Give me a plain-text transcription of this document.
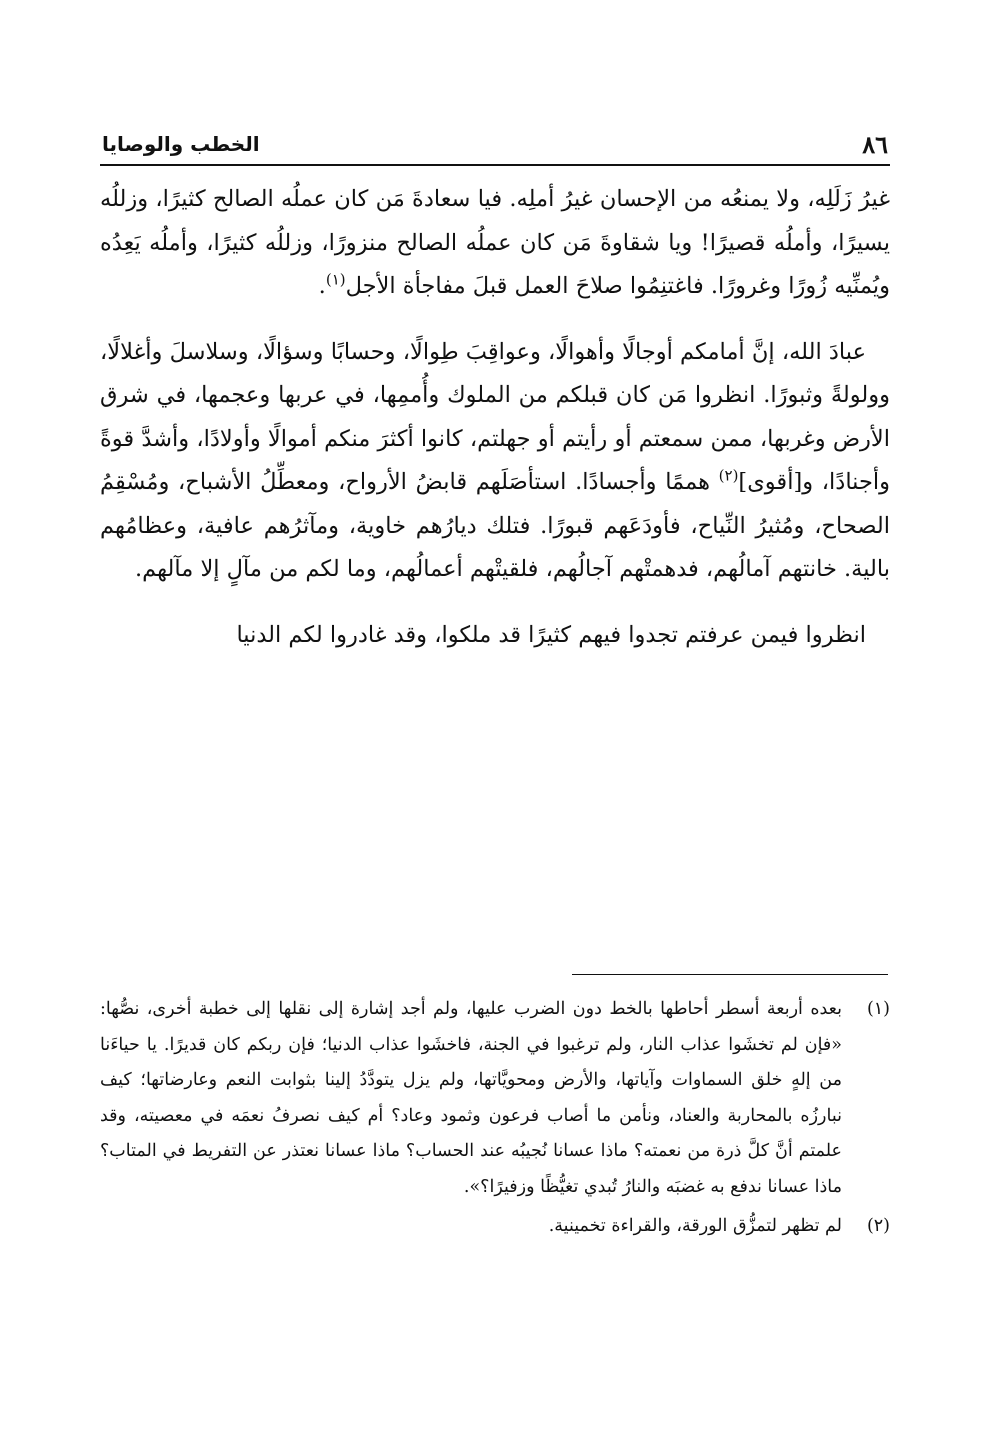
٨٦
الخطب والوصايا

غيرُ زَلَلِه، ولا يمنعُه من الإحسان غيرُ أملِه. فيا سعادةَ مَن كان عملُه الصالح كثيرًا، وزللُه يسيرًا، وأملُه قصيرًا! ويا شقاوةَ مَن كان عملُه الصالح منزورًا، وزللُه كثيرًا، وأملُه يَعِدُه ويُمنِّيه زُورًا وغرورًا. فاغتنِمُوا صلاحَ العمل قبلَ مفاجأة الأجل$^{(١)}$.

عبادَ الله، إنَّ أمامكم أوجالًا وأهوالًا، وعواقِبَ طِوالًا، وحسابًا وسؤالًا، وسلاسلَ وأغلالًا، وولولةً وثبورًا. انظروا مَن كان قبلكم من الملوك وأُممِها، في عربها وعجمها، في شرق الأرض وغربها، ممن سمعتم أو رأيتم أو جهلتم، كانوا أكثرَ منكم أموالًا وأولادًا، وأشدَّ قوةً وأجنادًا، و[أقوى]$^{(٢)}$ هممًا وأجسادًا. استأصَلَهم قابضُ الأرواح، ومعطِّلُ الأشباح، ومُسْقِمُ الصحاح، ومُثيرُ النِّياح، فأودَعَهم قبورًا. فتلك ديارُهم خاوية، ومآثرُهم عافية، وعظامُهم بالية. خانتهم آمالُهم، فدهمتْهم آجالُهم، فلقيتْهم أعمالُهم، وما لكم من مآلٍ إلا مآلهم.

انظروا فيمن عرفتم تجدوا فيهم كثيرًا قد ملكوا، وقد غادروا لكم الدنيا

(١)
بعده أربعة أسطر أحاطها بالخط دون الضرب عليها، ولم أجد إشارة إلى نقلها إلى خطبة أخرى، نصُّها: «فإن لم تخشَوا عذاب النار، ولم ترغبوا في الجنة، فاخشَوا عذاب الدنيا؛ فإن ربكم كان قديرًا. يا حياءَنا من إلهٍ خلق السماوات وآياتها، والأرض ومحويَّاتها، ولم يزل يتودَّدُ إلينا بثوابت النعم وعارضاتها؛ كيف نبارزُه بالمحاربة والعناد، ونأمن ما أصاب فرعون وثمود وعاد؟ أم كيف نصرفُ نعمَه في معصيته، وقد علمتم أنَّ كلَّ ذرة من نعمته؟ ماذا عسانا نُجيبُه عند الحساب؟ ماذا عسانا نعتذر عن التفريط في المتاب؟ ماذا عسانا ندفع به غضبَه والنارُ تُبدي تغيُّظًا وزفيرًا؟».
(٢)
لم تظهر لتمزُّق الورقة، والقراءة تخمينية.
